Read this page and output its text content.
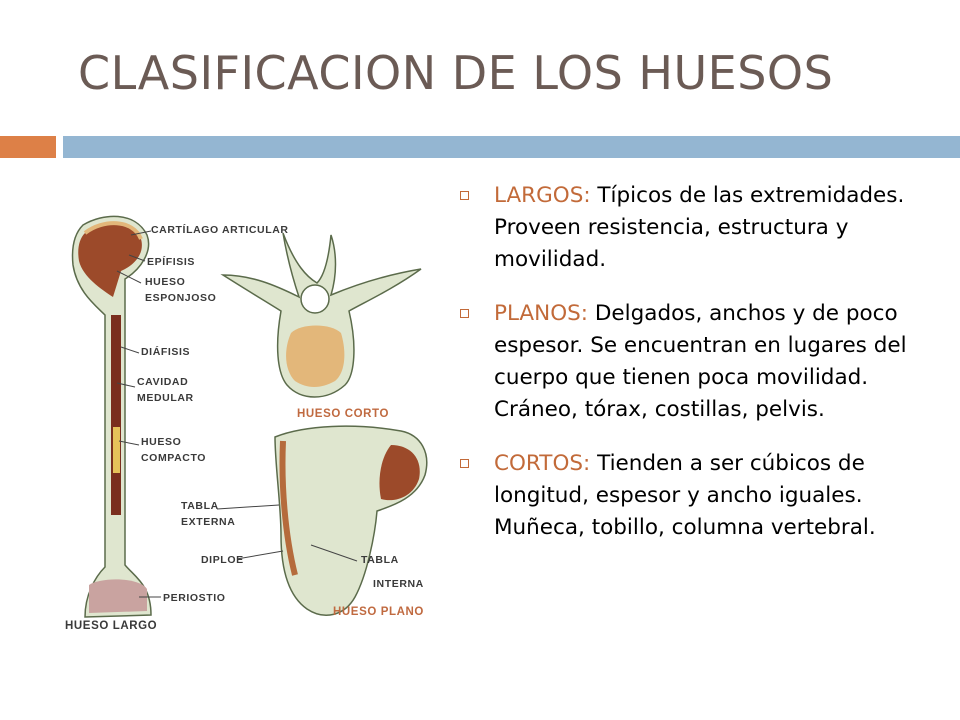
CLASIFICACION DE LOS HUESOS
CARTÍLAGO ARTICULAR
EPÍFISIS
HUESO
ESPONJOSO
DIÁFISIS
CAVIDAD
MEDULAR
HUESO
COMPACTO
TABLA
EXTERNA
DIPLOE	TABLA
INTERNA
PERIOSTIO
HUESO CORTO
HUESO LARGO
HUESO PLANO
LARGOS: Típicos de las extremidades. Proveen resistencia, estructura y movilidad.
PLANOS: Delgados, anchos y de poco espesor. Se encuentran en lugares del cuerpo que tienen poca movilidad. Cráneo, tórax, costillas, pelvis.
CORTOS: Tienden a ser cúbicos de longitud, espesor y ancho iguales. Muñeca, tobillo, columna vertebral.
